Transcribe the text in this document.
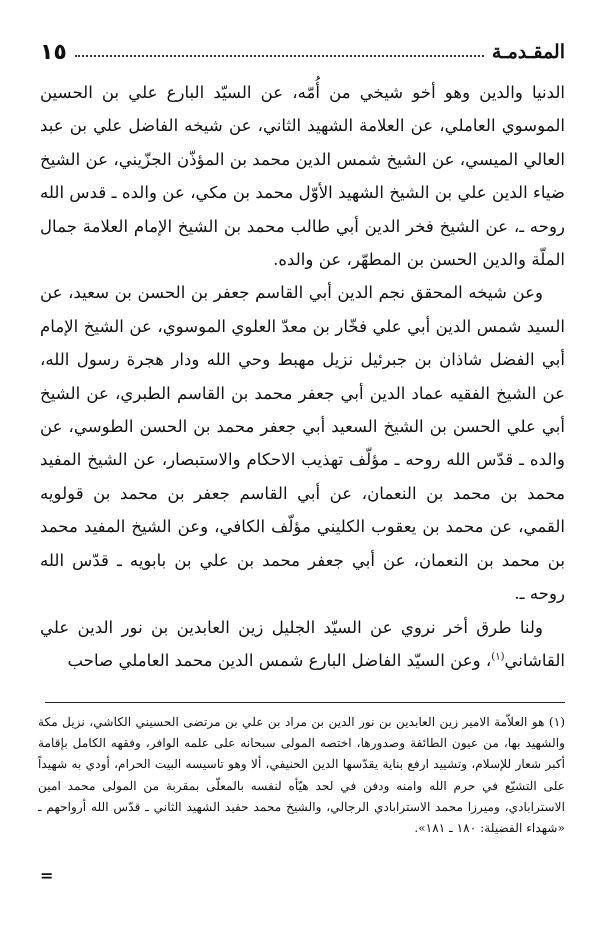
المقـدمـة
١٥

الدنيا والدين وهو أخو شيخي من أُمّه، عن السيّد البارع علي بن الحسين الموسوي العاملي، عن العلامة الشهيد الثاني، عن شيخه الفاضل علي بن عبد العالي الميسي، عن الشيخ شمس الدين محمد بن المؤذّن الجزّيني، عن الشيخ ضياء الدين علي بن الشيخ الشهيد الأوّل محمد بن مكي، عن والده ـ قدس الله روحه ـ، عن الشيخ فخر الدين أبي طالب محمد بن الشيخ الإمام العلامة جمال الملّة والدين الحسن بن المطهّر، عن والده.

وعن شيخه المحقق نجم الدين أبي القاسم جعفر بن الحسن بن سعيد، عن السيد شمس الدين أبي علي فخّار بن معدّ العلوي الموسوي، عن الشيخ الإمام أبي الفضل شاذان بن جبرئيل نزيل مهبط وحي الله ودار هجرة رسول الله، عن الشيخ الفقيه عماد الدين أبي جعفر محمد بن القاسم الطبري، عن الشيخ أبي علي الحسن بن الشيخ السعيد أبي جعفر محمد بن الحسن الطوسي، عن والده ـ قدّس الله روحه ـ مؤلّف تهذيب الاحكام والاستبصار، عن الشيخ المفيد محمد بن محمد بن النعمان، عن أبي القاسم جعفر بن محمد بن قولويه القمي، عن محمد بن يعقوب الكليني مؤلّف الكافي، وعن الشيخ المفيد محمد بن محمد بن النعمان، عن أبي جعفر محمد بن علي بن بابويه ـ قدّس الله روحه ـ.

ولنا طرق أخر نروي عن السيّد الجليل زين العابدين بن نور الدين علي القاشاني$^{(١)}$، وعن السيّد الفاضل البارع شمس الدين محمد العاملي صاحب

(١) هو العلاّمة الامير زين العابدين بن نور الدين بن مراد بن علي بن مرتضى الحسيني الكاشي، نزيل مكة والشهيد بها، من عيون الطائفة وصدورها، اختصه المولى سبحانه على علمه الوافر، وفقهه الكامل بإقامة أكبر شعار للإسلام، وتشييد ارفع بناية يقدّسها الدين الحنيفي، ألا وهو تاسيسه البيت الحرام، أودي به شهيداً على التشيّع في حرم الله وامنه ودفن في لحد هيّأه لنفسه بالمعلّى بمقربة من المولى محمد امين الاسترابادي، وميرزا محمد الاسترابادي الرجالي، والشيخ محمد حفيد الشهيد الثاني ـ قدّس الله أرواحهم ـ «شهداء الفضيلة: ١٨٠ ـ ١٨١».

=
